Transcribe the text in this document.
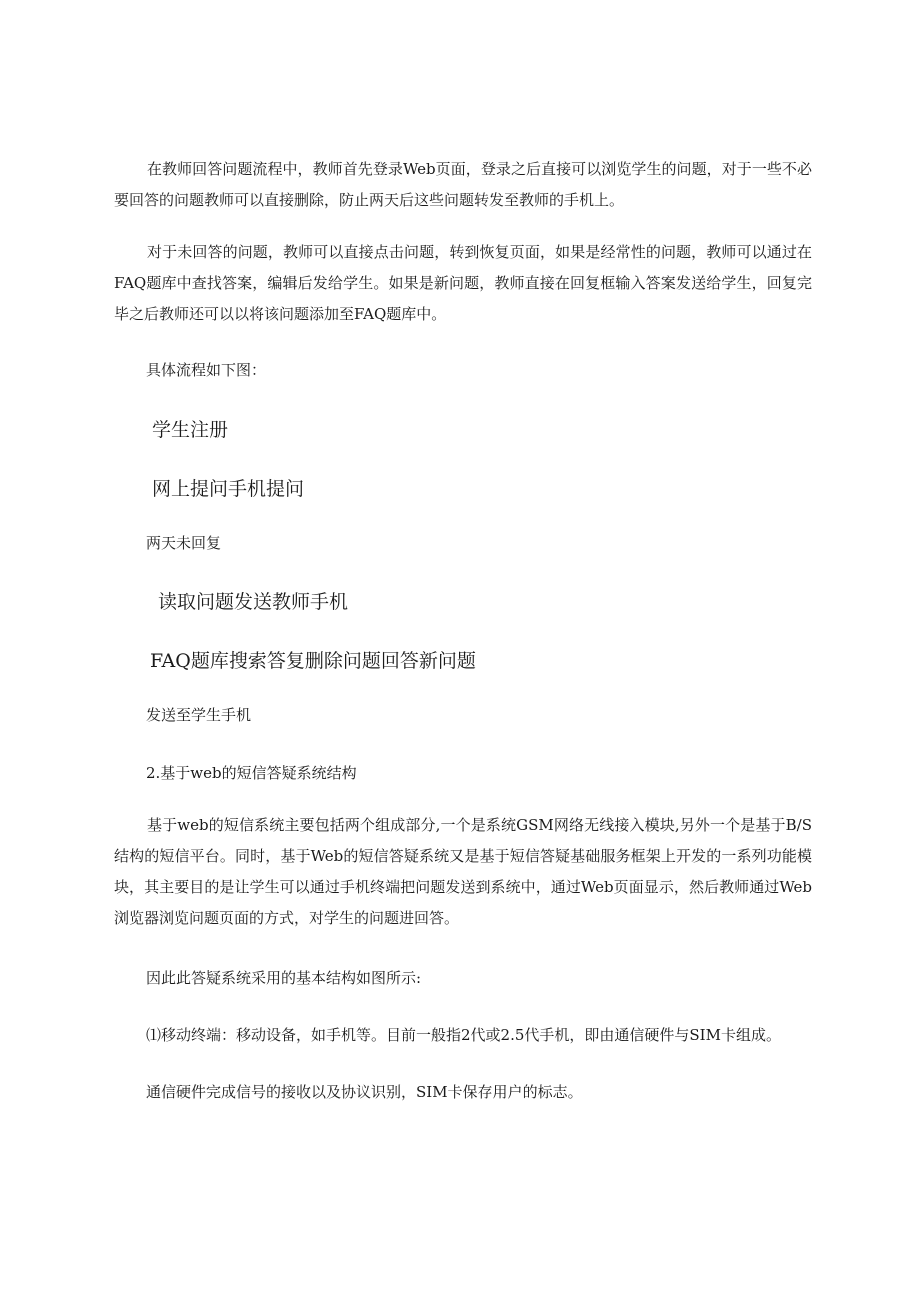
在教师回答问题流程中，教师首先登录Web页面，登录之后直接可以浏览学生的问题，对于一些不必要回答的问题教师可以直接删除，防止两天后这些问题转发至教师的手机上。

对于未回答的问题，教师可以直接点击问题，转到恢复页面，如果是经常性的问题，教师可以通过在FAQ题库中查找答案，编辑后发给学生。如果是新问题，教师直接在回复框输入答案发送给学生，回复完毕之后教师还可以以将该问题添加至FAQ题库中。

具体流程如下图：

学生注册

网上提问手机提问

两天未回复

读取问题发送教师手机

FAQ题库搜索答复删除问题回答新问题

发送至学生手机

2.基于web的短信答疑系统结构

基于web的短信系统主要包括两个组成部分,一个是系统GSM网络无线接入模块,另外一个是基于B/S结构的短信平台。同时，基于Web的短信答疑系统又是基于短信答疑基础服务框架上开发的一系列功能模块，其主要目的是让学生可以通过手机终端把问题发送到系统中，通过Web页面显示，然后教师通过Web浏览器浏览问题页面的方式，对学生的问题进回答。

因此此答疑系统采用的基本结构如图所示:

⑴移动终端：移动设备，如手机等。目前一般指2代或2.5代手机，即由通信硬件与SIM卡组成。

通信硬件完成信号的接收以及协议识别，SIM卡保存用户的标志。
